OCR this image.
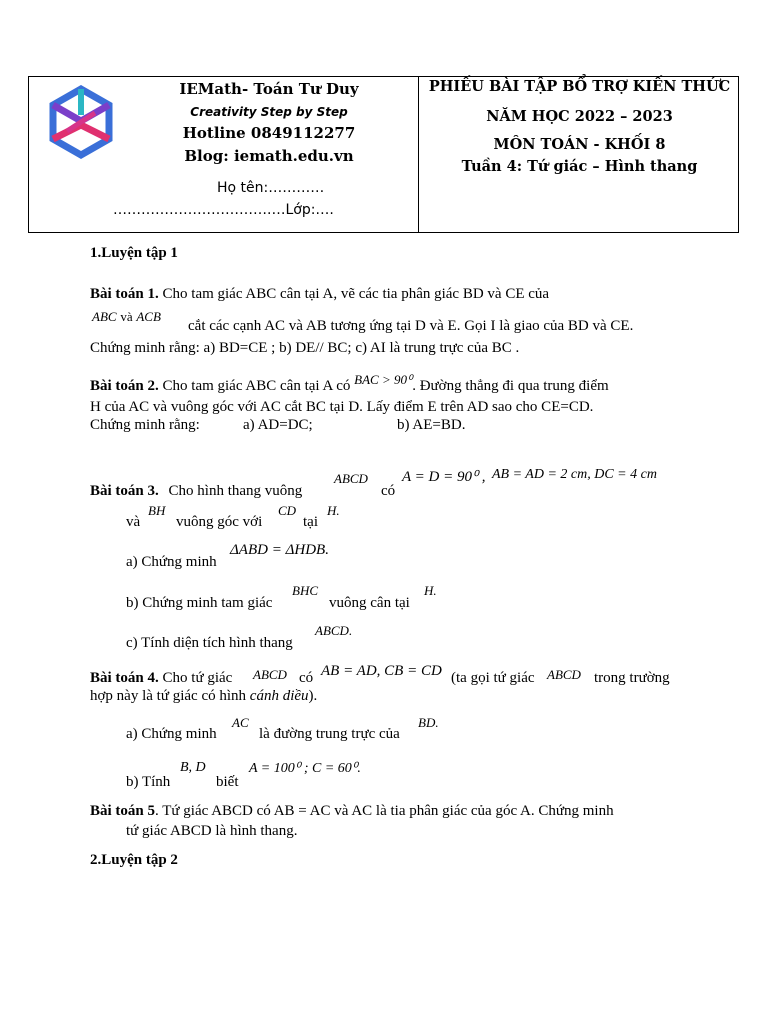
IEMath- Toán Tư Duy
Creativity Step by Step
Hotline 0849112277
Blog: iemath.edu.vn
Họ tên:…………
…………………………….…Lớp:….
PHIẾU BÀI TẬP BỔ TRỢ KIẾN THỨC
NĂM HỌC 2022 – 2023
MÔN TOÁN - KHỐI 8
Tuần 4: Tứ giác – Hình thang
1.Luyện tập 1
Bài toán 1. Cho tam giác ABC cân tại A, vẽ các tia phân giác BD và CE của
ABC và ACB
cắt các cạnh AC và AB tương ứng tại D và E. Gọi I là giao của BD và CE.
Chứng minh rằng: a) BD=CE ; b) DE// BC; c) AI là trung trực của BC .
Bài toán 2. Cho tam giác ABC cân tại A có BAC > 90⁰. Đường thẳng đi qua trung điểm
H của AC và vuông góc với AC cắt BC tại D. Lấy điểm E trên AD sao cho CE=CD.
Chứng minh rằng:	a) AD=DC;	b) AE=BD.
Bài toán 3. Cho hình thang vuông
ABCD
có
A = D = 90⁰ , AB = AD = 2 cm, DC = 4 cm
và
BH
vuông góc với
CD
tại
H.
a) Chứng minh
ΔABD = ΔHDB.
b) Chứng minh tam giác
BHC
vuông cân tại
H.
c) Tính diện tích hình thang
ABCD.
Bài toán 4. Cho tứ giác ABCD có AB = AD, CB = CD (ta gọi tứ giác ABCD trong trường
hợp này là tứ giác có hình cánh diều).
a) Chứng minh
AC
là đường trung trực của
BD.
b) Tính
B, D
biết
A = 100⁰ ; C = 60⁰.
Bài toán 5. Tứ giác ABCD có AB = AC và AC là tia phân giác của góc A. Chứng minh
tứ giác ABCD là hình thang.
2.Luyện tập 2
